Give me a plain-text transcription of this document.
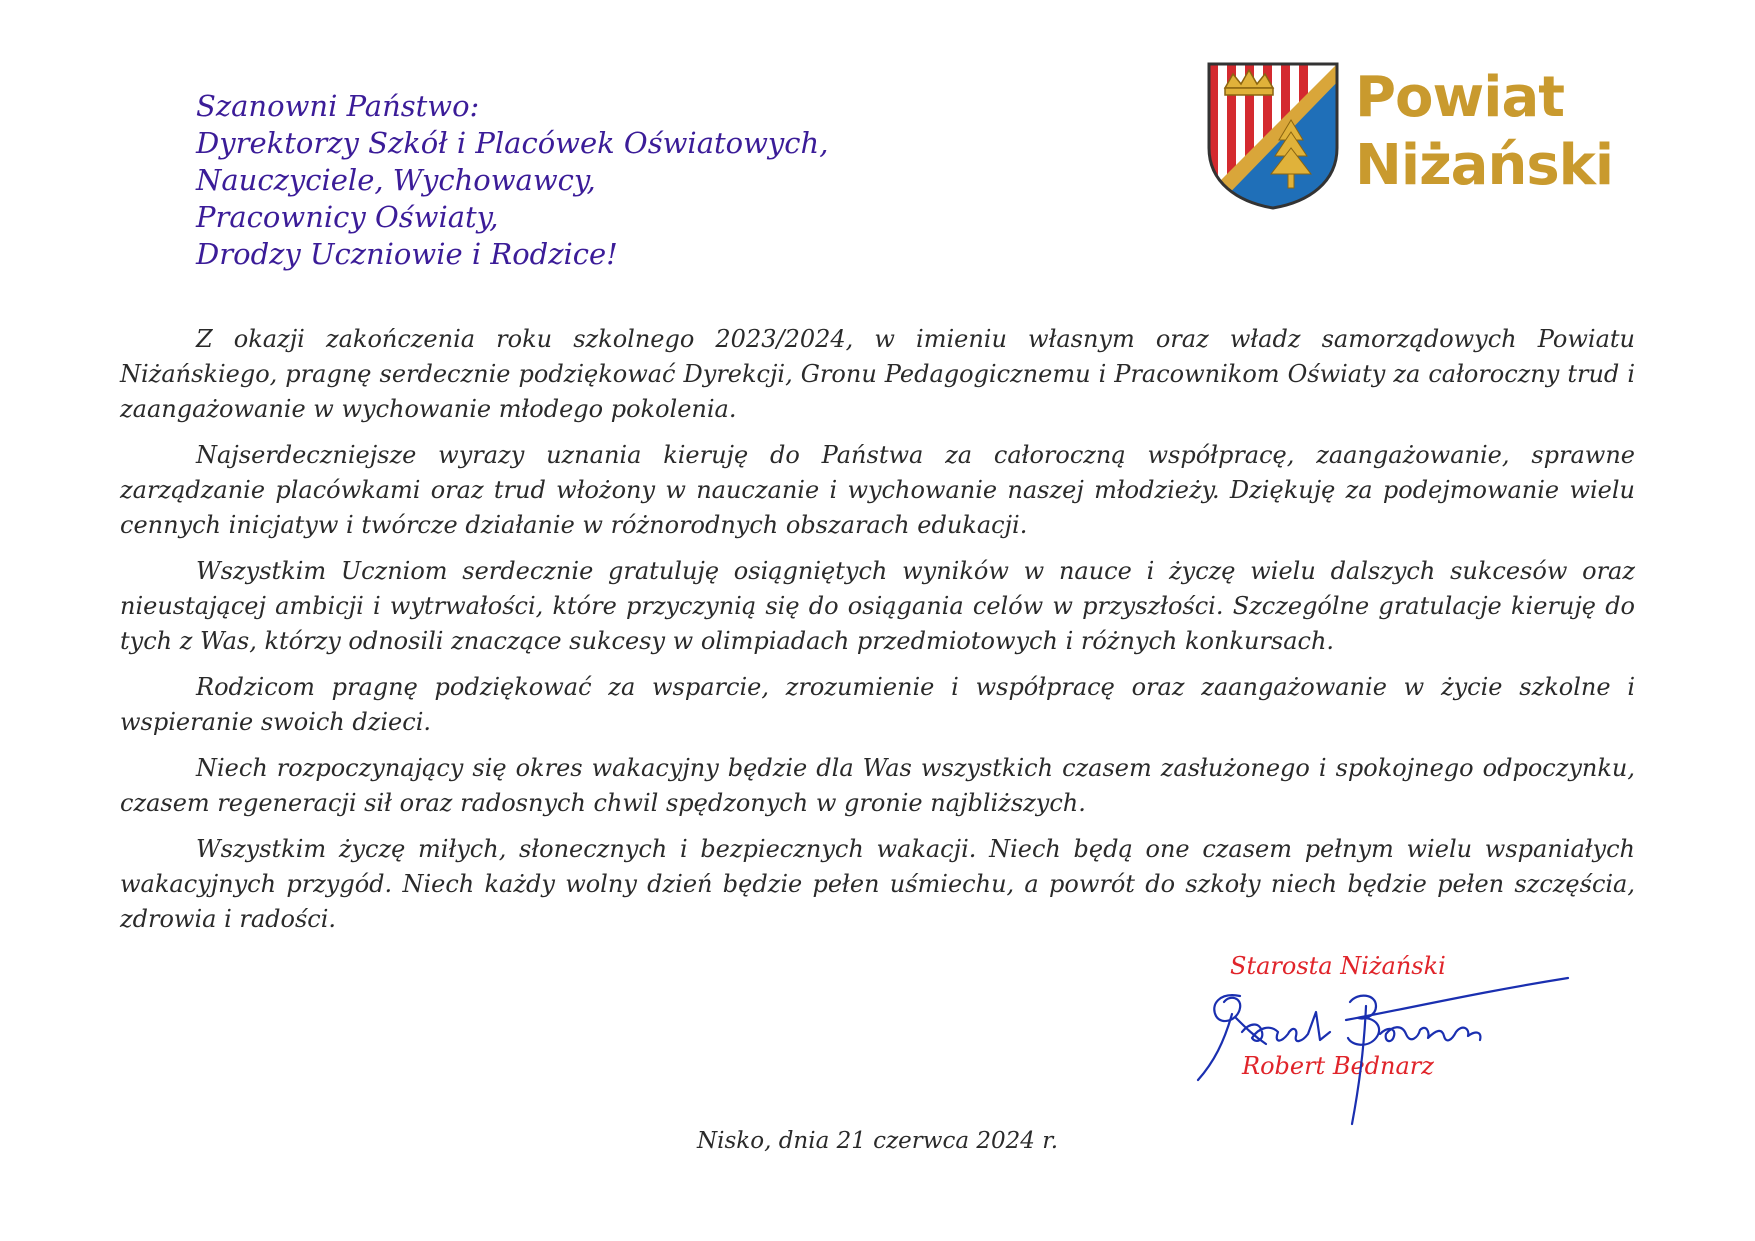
Szanowni Państwo:
Dyrektorzy Szkół i Placówek Oświatowych,
Nauczyciele, Wychowawcy,
Pracownicy Oświaty,
Drodzy Uczniowie i Rodzice!
Powiat
Niżański

Z okazji zakończenia roku szkolnego 2023/2024, w imieniu własnym oraz władz samorządowych Powiatu Niżańskiego, pragnę serdecznie podziękować Dyrekcji, Gronu Pedagogicznemu i Pracownikom Oświaty za całoroczny trud i zaangażowanie w wychowanie młodego pokolenia.

Najserdeczniejsze wyrazy uznania kieruję do Państwa za całoroczną współpracę, zaangażowanie, sprawne zarządzanie placówkami oraz trud włożony w nauczanie i wychowanie naszej młodzieży. Dziękuję za podejmowanie wielu cennych inicjatyw i twórcze działanie w różnorodnych obszarach edukacji.

Wszystkim Uczniom serdecznie gratuluję osiągniętych wyników w nauce i życzę wielu dalszych sukcesów oraz nieustającej ambicji i wytrwałości, które przyczynią się do osiągania celów w przyszłości. Szczególne gratulacje kieruję do tych z Was, którzy odnosili znaczące sukcesy w olimpiadach przedmiotowych i różnych konkursach.

Rodzicom pragnę podziękować za wsparcie, zrozumienie i współpracę oraz zaangażowanie w życie szkolne i wspieranie swoich dzieci.

Niech rozpoczynający się okres wakacyjny będzie dla Was wszystkich czasem zasłużonego i spokojnego odpoczynku, czasem regeneracji sił oraz radosnych chwil spędzonych w gronie najbliższych.

Wszystkim życzę miłych, słonecznych i bezpiecznych wakacji. Niech będą one czasem pełnym wielu wspaniałych wakacyjnych przygód. Niech każdy wolny dzień będzie pełen uśmiechu, a powrót do szkoły niech będzie pełen szczęścia, zdrowia i radości.

Starosta Niżański
Robert Bednarz
Nisko, dnia 21 czerwca 2024 r.
